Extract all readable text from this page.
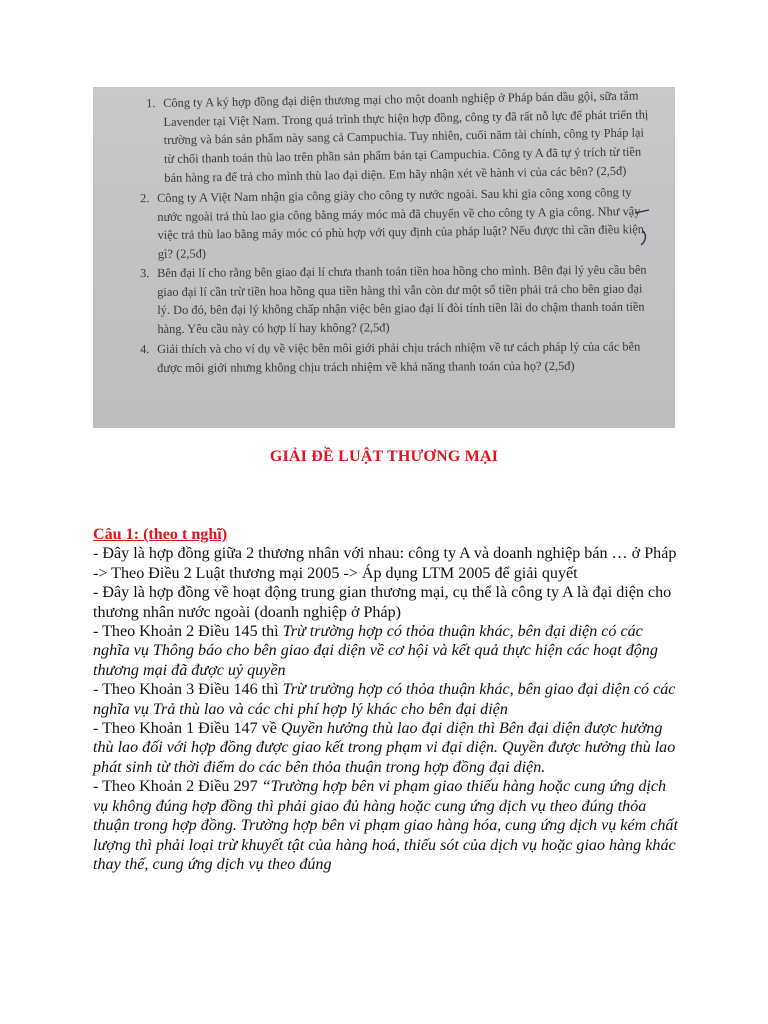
1. Công ty A ký hợp đồng đại diện thương mại cho một doanh nghiệp ở Pháp bán dầu gội, sữa tắm Lavender tại Việt Nam. Trong quá trình thực hiện hợp đồng, công ty đã rất nỗ lực để phát triển thị trường và bán sản phẩm này sang cả Campuchia. Tuy nhiên, cuối năm tài chính, công ty Pháp lại từ chối thanh toán thù lao trên phần sản phẩm bán tại Campuchia. Công ty A đã tự ý trích từ tiền bán hàng ra để trả cho mình thù lao đại diện. Em hãy nhận xét về hành vi của các bên? (2,5đ)
2. Công ty A Việt Nam nhận gia công giày cho công ty nước ngoài. Sau khi gia công xong công ty nước ngoài trả thù lao gia công bằng máy móc mà đã chuyển về cho công ty A gia công. Như vậy việc trả thù lao bằng máy móc có phù hợp với quy định của pháp luật? Nếu được thì cần điều kiện gì? (2,5đ)
3. Bên đại lí cho rằng bên giao đại lí chưa thanh toán tiền hoa hồng cho mình. Bên đại lý yêu cầu bên giao đại lí cần trừ tiền hoa hồng qua tiền hàng thì vẫn còn dư một số tiền phải trả cho bên giao đại lý. Do đó, bên đại lý không chấp nhận việc bên giao đại lí đòi tính tiền lãi do chậm thanh toán tiền hàng. Yêu cầu này có hợp lí hay không? (2,5đ)
4. Giải thích và cho ví dụ về việc bên môi giới phải chịu trách nhiệm về tư cách pháp lý của các bên được môi giới nhưng không chịu trách nhiệm về khả năng thanh toán của họ? (2,5đ)
GIẢI ĐỀ LUẬT THƯƠNG MẠI
Câu 1: (theo t nghĩ)

- Đây là hợp đồng giữa 2 thương nhân với nhau: công ty A và doanh nghiệp bán … ở Pháp -> Theo Điều 2 Luật thương mại 2005 -> Áp dụng LTM 2005 để giải quyết

- Đây là hợp đồng về hoạt động trung gian thương mại, cụ thể là công ty A là đại diện cho thương nhân nước ngoài (doanh nghiệp ở Pháp)

- Theo Khoản 2 Điều 145 thì Trừ trường hợp có thỏa thuận khác, bên đại diện có các nghĩa vụ Thông báo cho bên giao đại diện về cơ hội và kết quả thực hiện các hoạt động thương mại đã được uỷ quyền

- Theo Khoản 3 Điều 146 thì Trừ trường hợp có thỏa thuận khác, bên giao đại diện có các nghĩa vụ Trả thù lao và các chi phí hợp lý khác cho bên đại diện

- Theo Khoản 1 Điều 147 về Quyền hưởng thù lao đại diện thì Bên đại diện được hưởng thù lao đối với hợp đồng được giao kết trong phạm vi đại diện. Quyền được hưởng thù lao phát sinh từ thời điểm do các bên thỏa thuận trong hợp đồng đại diện.

- Theo Khoản 2 Điều 297 “Trường hợp bên vi phạm giao thiếu hàng hoặc cung ứng dịch vụ không đúng hợp đồng thì phải giao đủ hàng hoặc cung ứng dịch vụ theo đúng thỏa thuận trong hợp đồng. Trường hợp bên vi phạm giao hàng hóa, cung ứng dịch vụ kém chất lượng thì phải loại trừ khuyết tật của hàng hoá, thiếu sót của dịch vụ hoặc giao hàng khác thay thế, cung ứng dịch vụ theo đúng
